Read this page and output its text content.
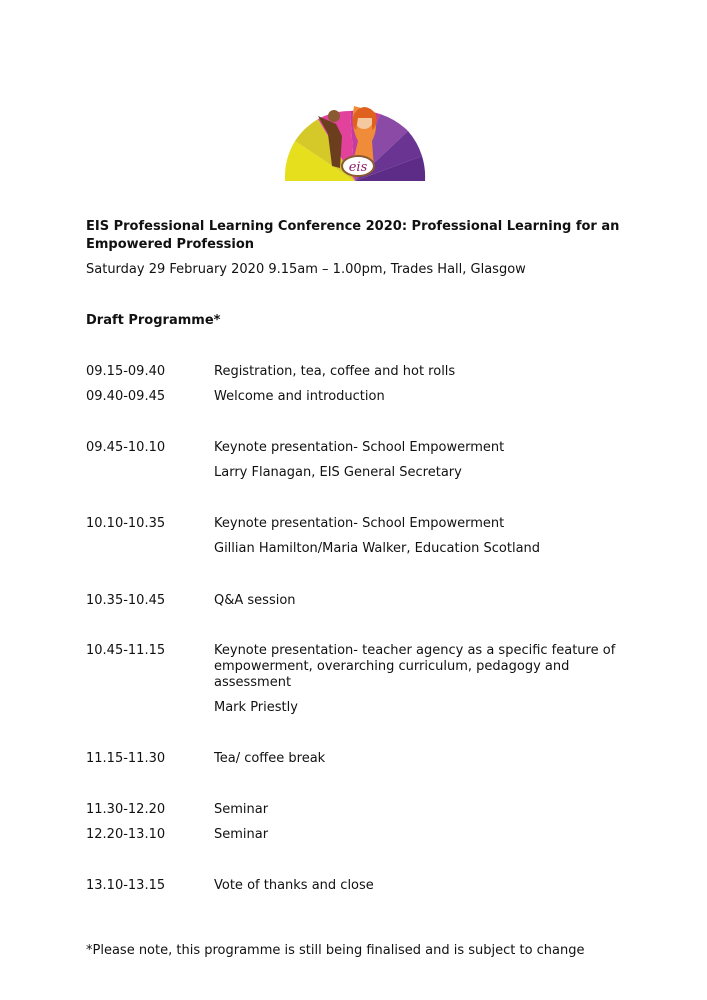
eis
EIS Professional Learning Conference 2020: Professional Learning for an Empowered Profession
Saturday 29 February 2020 9.15am – 1.00pm, Trades Hall, Glasgow
Draft Programme*
09.15-09.40	Registration, tea, coffee and hot rolls
09.40-09.45	Welcome and introduction
09.45-10.10	Keynote presentation- School Empowerment
Larry Flanagan, EIS General Secretary
10.10-10.35	Keynote presentation- School Empowerment
Gillian Hamilton/Maria Walker, Education Scotland
10.35-10.45	Q&A session
10.45-11.15	Keynote presentation- teacher agency as a specific feature of empowerment, overarching curriculum, pedagogy and assessment
Mark Priestly
11.15-11.30	Tea/ coffee break
11.30-12.20	Seminar
12.20-13.10	Seminar
13.10-13.15	Vote of thanks and close
*Please note, this programme is still being finalised and is subject to change
